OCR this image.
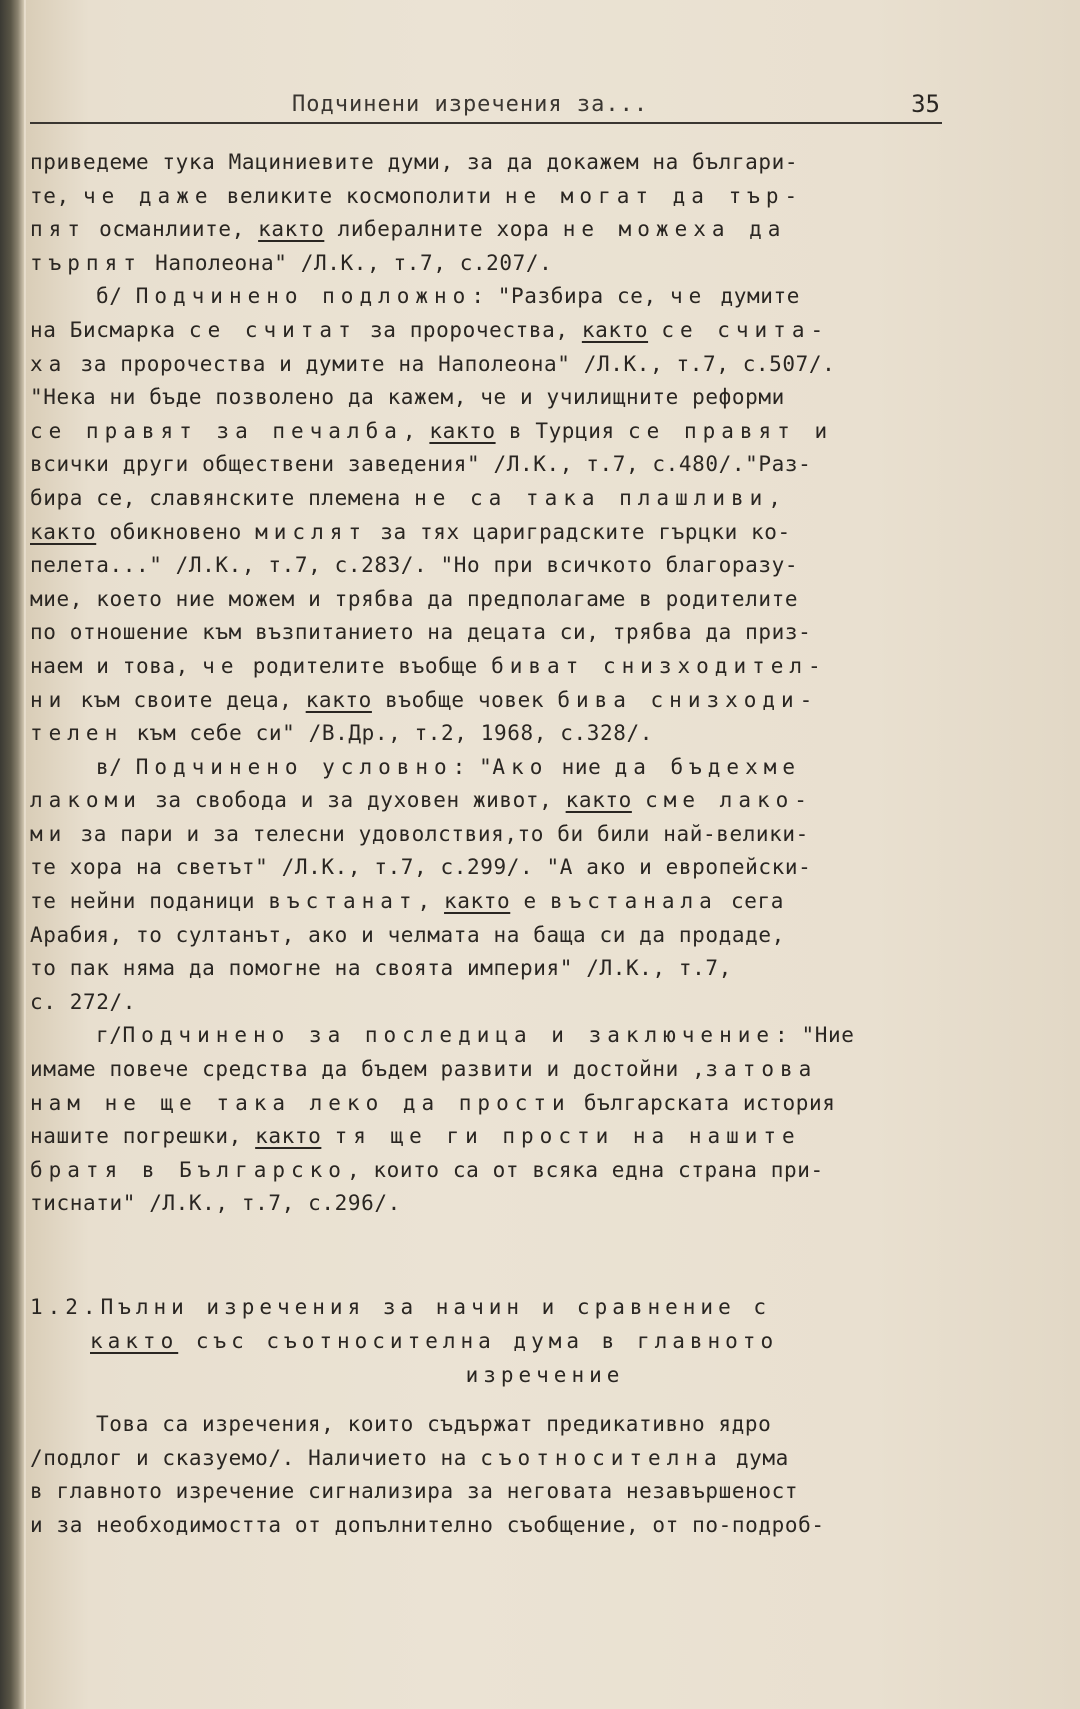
Подчинени изречения за...	35
приведеме тука Мациниевите думи, за да докажем на българи-
те, че даже великите космополити не могат да тър-
пят османлиите, както либералните хора не можеха да
търпят Наполеона" /Л.К., т.7, с.207/.
б/ Подчинено подложно: "Разбира се, че думите
на Бисмарка се считат за пророчества, както се счита-
ха за пророчества и думите на Наполеона" /Л.К., т.7, с.507/.
"Нека ни бъде позволено да кажем, че и училищните реформи
се правят за печалба, както в Турция се правят и
всички други обществени заведения" /Л.К., т.7, с.480/."Раз-
бира се, славянските племена не са така плашливи,
както обикновено мислят за тях цариградските гърцки ко-
пелета..." /Л.К., т.7, с.283/. "Но при всичкото благоразу-
мие, което ние можем и трябва да предполагаме в родителите
по отношение към възпитанието на децата си, трябва да приз-
наем и това, че родителите въобще биват снизходител-
ни към своите деца, както въобще човек бива снизходи-
телен към себе си" /В.Др., т.2, 1968, с.328/.
в/ Подчинено условно: "Ако ние да бъдехме
лакоми за свобода и за духовен живот, както сме лако-
ми за пари и за телесни удоволствия,то би били най-велики-
те хора на светът" /Л.К., т.7, с.299/. "А ако и европейски-
те нейни поданици въстанат, както е въстанала сега
Арабия, то султанът, ако и челмата на баща си да продаде,
то пак няма да помогне на своята империя" /Л.К., т.7,
с. 272/.
г/Подчинено за последица и заключение: "Ние
имаме повече средства да бъдем развити и достойни ,затова
нам не ще така леко да прости българската история
нашите погрешки, както тя ще ги прости на нашите
братя в Българско, които са от всяка една страна при-
тиснати" /Л.К., т.7, с.296/.
1.2.Пълни изречения за начин и сравнение с
както със съотносителна дума в главното
изречение
Това са изречения, които съдържат предикативно ядро
/подлог и сказуемо/. Наличието на съотносителна дума
в главното изречение сигнализира за неговата незавършеност
и за необходимостта от допълнително съобщение, от по-подроб-
